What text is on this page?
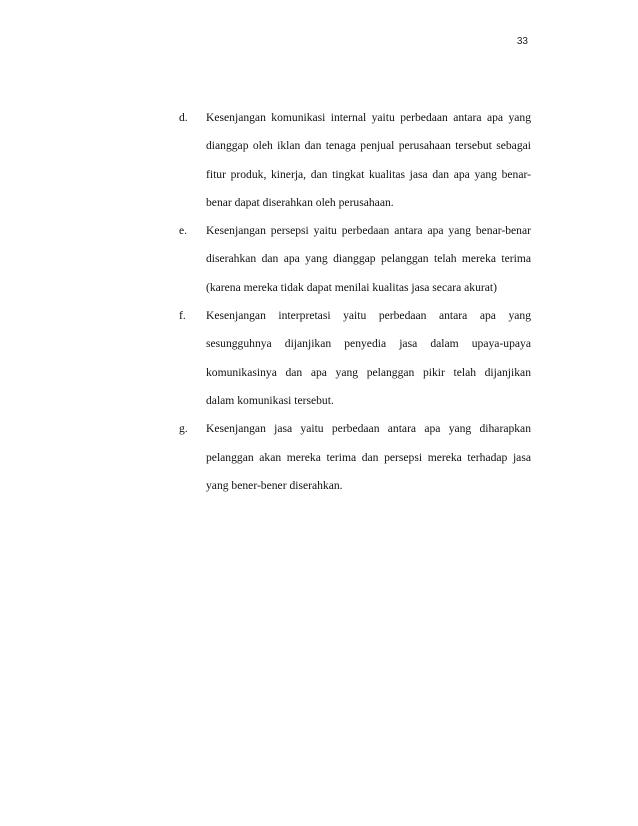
33
d. Kesenjangan komunikasi internal yaitu perbedaan antara apa yang
dianggap oleh iklan dan tenaga penjual perusahaan tersebut sebagai
fitur produk, kinerja, dan tingkat kualitas jasa dan apa yang benar-
benar dapat diserahkan oleh perusahaan.
e. Kesenjangan persepsi yaitu perbedaan antara apa yang benar-benar
diserahkan dan apa yang dianggap pelanggan telah mereka terima
(karena mereka tidak dapat menilai kualitas jasa secara akurat)
f. Kesenjangan interpretasi yaitu perbedaan antara apa yang
sesungguhnya dijanjikan penyedia jasa dalam upaya-upaya
komunikasinya dan apa yang pelanggan pikir telah dijanjikan
dalam komunikasi tersebut.
g. Kesenjangan jasa yaitu perbedaan antara apa yang diharapkan
pelanggan akan mereka terima dan persepsi mereka terhadap jasa
yang bener-bener diserahkan.
